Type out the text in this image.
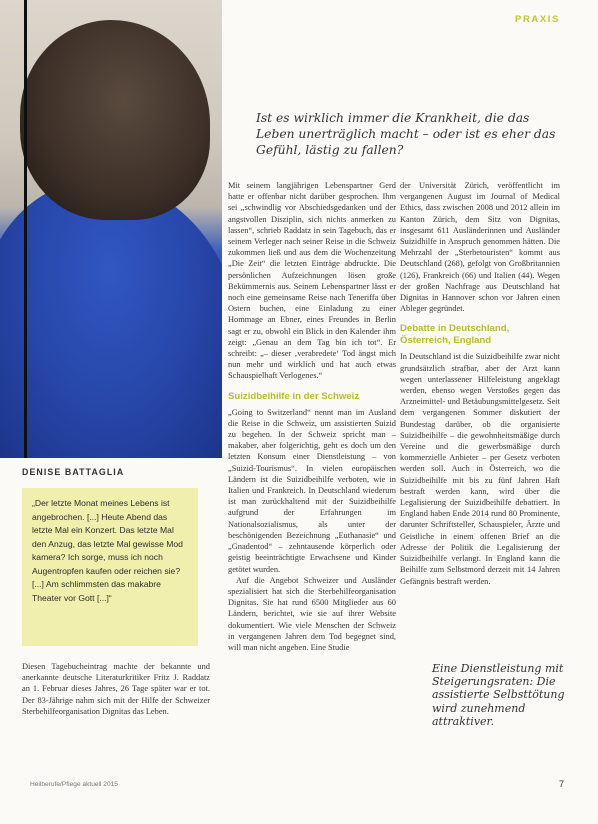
PRAXIS
Ist es wirklich immer die Krankheit, die das Leben unerträglich macht – oder ist es eher das Gefühl, lästig zu fallen?

Mit seinem langjährigen Lebenspartner Gerd hatte er offenbar nicht darüber gesprochen. Ihm sei „schwindlig vor Abschiedsgedanken und der angstvollen Disziplin, sich nichts anmerken zu lassen“, schrieb Raddatz in sein Tagebuch, das er seinem Verleger nach seiner Reise in die Schweiz zukommen ließ und aus dem die Wochenzeitung „Die Zeit“ die letzten Einträge abdruckte. Die persönlichen Aufzeichnungen lösen große Bekümmernis aus. Seinem Lebenspartner lässt er noch eine gemeinsame Reise nach Teneriffa über Ostern buchen, eine Einladung zu einer Hommage an Ebner, eines Freundes in Berlin sagt er zu, obwohl ein Blick in den Kalender ihm zeigt: „Genau an dem Tag bin ich tot“. Er schreibt: „– dieser ‚verabredete‘ Tod ängst mich nun mehr und wirklich und hat auch etwas Schauspielhaft Verlogenes.“

Suizidbeihilfe in der Schweiz

„Going to Switzerland“ nennt man im Ausland die Reise in die Schweiz, um assistierten Suizid zu begehen. In der Schweiz spricht man – makaber, aber folgerichtig, geht es doch um den letzten Konsum einer Dienstleistung – von „Suizid-Tourismus“. In vielen europäischen Ländern ist die Suizidbeihilfe verboten, wie in Italien und Frankreich. In Deutschland wiederum ist man zurückhaltend mit der Suizidbeihilfe aufgrund der Erfahrungen im Nationalsozialismus, als unter der beschönigenden Bezeichnung „Euthanasie“ und „Gnadentod“ – zehntausende körperlich oder geistig beeinträchtigte Erwachsene und Kinder getötet wurden.

Auf die Angebot Schweizer und Ausländer spezialisiert hat sich die Sterbehilfeorganisation Dignitas. Sie hat rund 6500 Mitglieder aus 60 Ländern, berichtet, wie sie auf ihrer Website dokumentiert. Wie viele Menschen der Schweiz in vergangenen Jahren dem Tod begegnet sind, will man nicht angeben. Eine Studie

der Universität Zürich, veröffentlicht im vergangenen August im Journal of Medical Ethics, dass zwischen 2008 und 2012 allein im Kanton Zürich, dem Sitz von Dignitas, insgesamt 611 Ausländerinnen und Ausländer Suizidhilfe in Anspruch genommen hätten. Die Mehrzahl der „Sterbetouristen“ kommt aus Deutschland (268), gefolgt von Großbritannien (126), Frankreich (66) und Italien (44). Wegen der großen Nachfrage aus Deutschland hat Dignitas in Hannover schon vor Jahren einen Ableger gegründet.

Debatte in Deutschland, Österreich, England

In Deutschland ist die Suizidbeihilfe zwar nicht grundsätzlich strafbar, aber der Arzt kann wegen unterlassener Hilfeleistung angeklagt werden, ebenso wegen Verstoßes gegen das Arzneimittel- und Betäubungsmittelgesetz. Seit dem vergangenen Sommer diskutiert der Bundestag darüber, ob die organisierte Suizidbeihilfe – die gewohnheitsmäßige durch Vereine und die gewerbsmäßige durch kommerzielle Anbieter – per Gesetz verboten werden soll. Auch in Österreich, wo die Suizidbeihilfe mit bis zu fünf Jahren Haft bestraft werden kann, wird über die Legalisierung der Suizidbeihilfe debattiert. In England haben Ende 2014 rund 80 Prominente, darunter Schriftsteller, Schauspieler, Ärzte und Geistliche in einem offenen Brief an die Adresse der Politik die Legalisierung der Suizidbeihilfe verlangt. In England kann die Beihilfe zum Selbstmord derzeit mit 14 Jahren Gefängnis bestraft werden.

DENISE BATTAGLIA

„Der letzte Monat meines Lebens ist angebrochen. [...] Heute Abend das letzte Mal ein Konzert. Das letzte Mal den Anzug, das letzte Mal gewisse Mod kamera? Ich sorge, muss ich noch Augentropfen kaufen oder reichen sie? [...] Am schlimmsten das makabre Theater vor Gott [...]“

Diesen Tagebucheintrag machte der bekannte und anerkannte deutsche Literaturkritiker Fritz J. Raddatz an 1. Februar dieses Jahres, 26 Tage später war er tot. Der 83-Jährige nahm sich mit der Hilfe der Schweizer Sterbehilfeorganisation Dignitas das Leben.

Eine Dienstleistung mit Steigerungsraten: Die assistierte Selbsttötung wird zunehmend attraktiver.
Heilberufe/Pflege aktuell 2015	7
